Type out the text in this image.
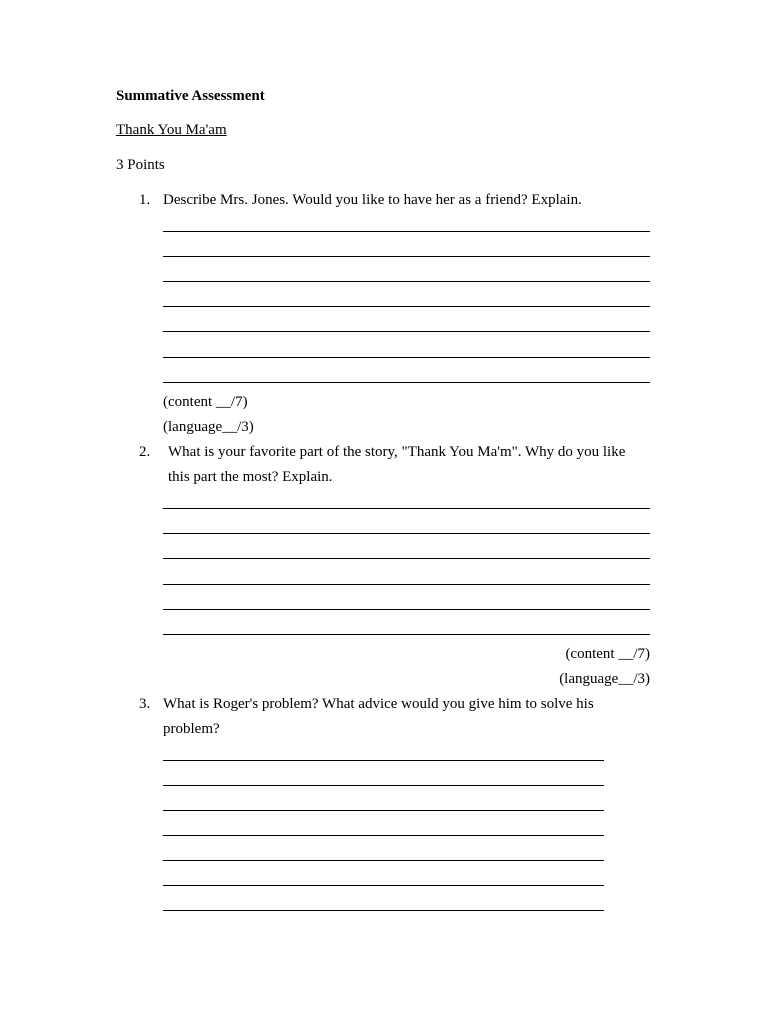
Summative Assessment
Thank You Ma'am
3 Points
1. Describe Mrs. Jones. Would you like to have her as a friend? Explain.
(content __/7)
(language__/3)
2. What is your favorite part of the story, "Thank You Ma'm". Why do you like
this part the most? Explain.
(content __/7)
(language__/3)
3. What is Roger's problem? What advice would you give him to solve his
problem?
